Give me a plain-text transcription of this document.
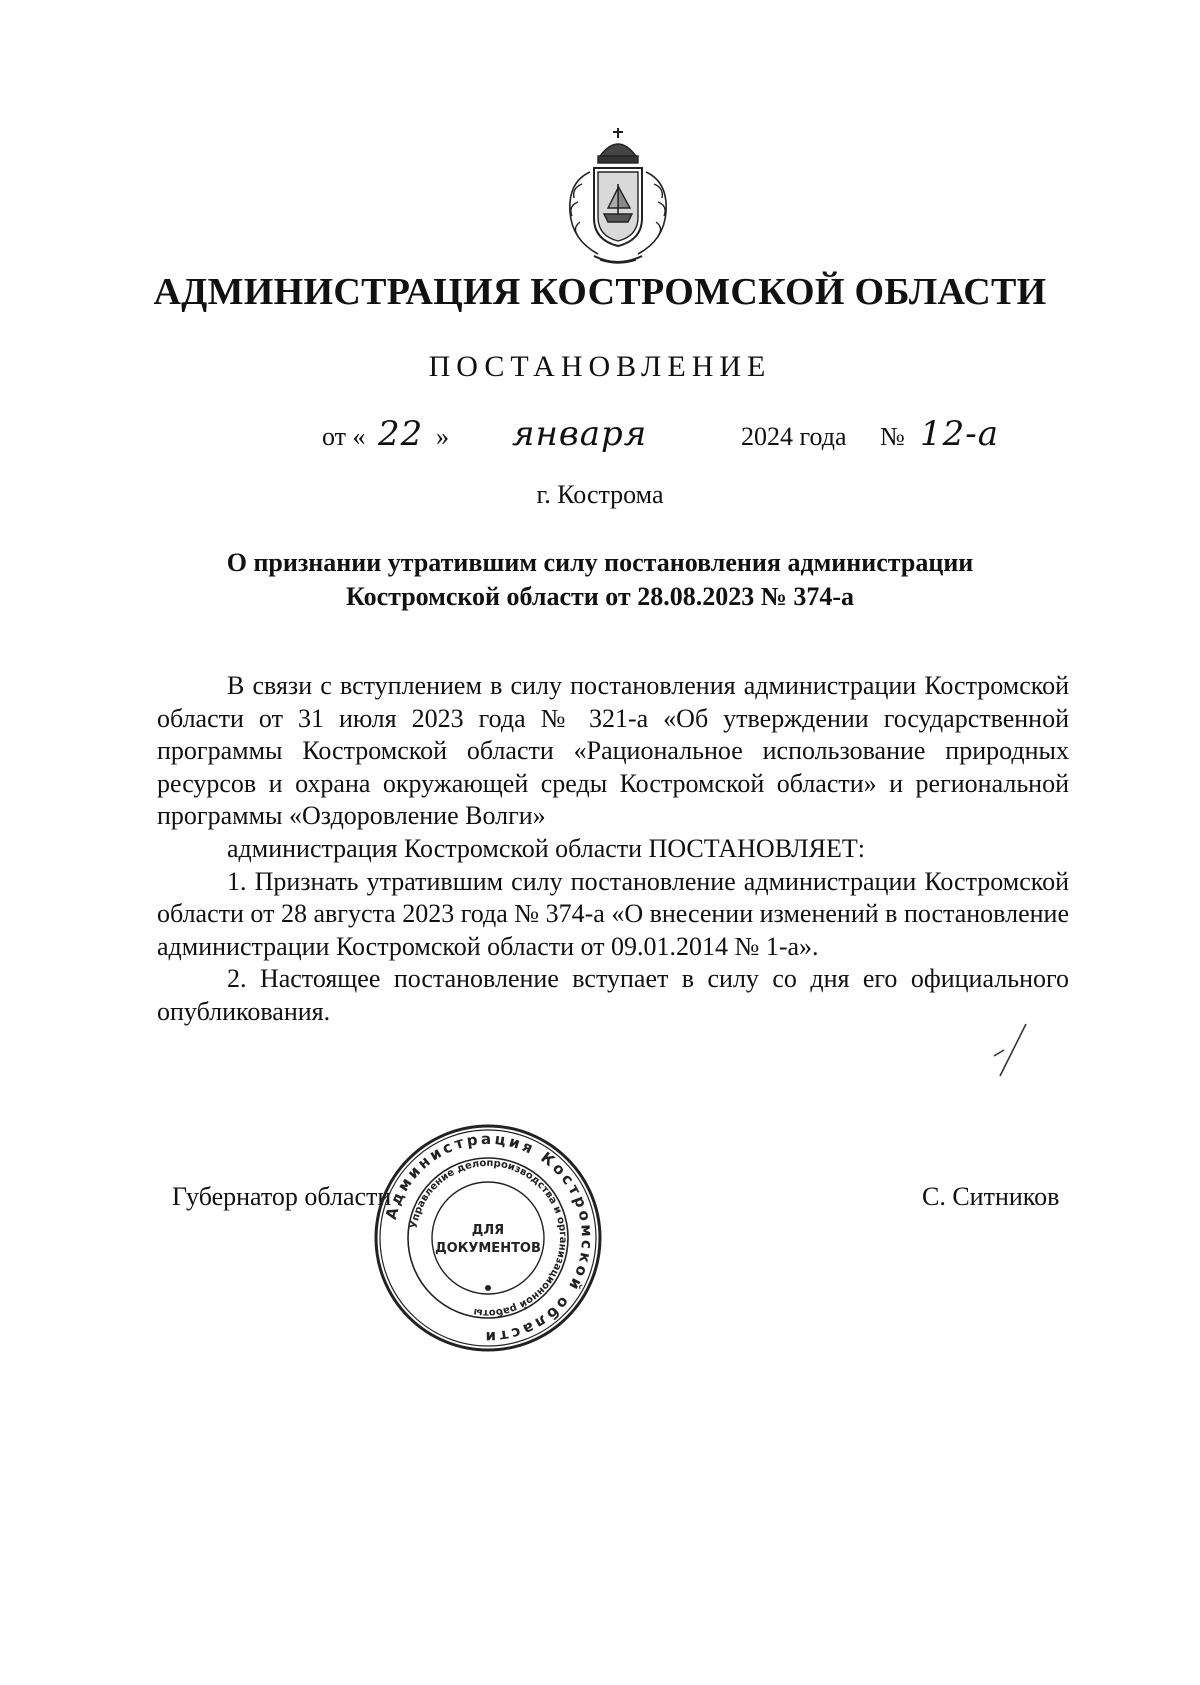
АДМИНИСТРАЦИЯ КОСТРОМСКОЙ ОБЛАСТИ
ПОСТАНОВЛЕНИЕ
от « 22 » января	2024 года № 12-а
г. Кострома
О признании утратившим силу постановления администрации
Костромской области от 28.08.2023 № 374-а

В связи с вступлением в силу постановления администрации Костромской области от 31 июля 2023 года № 321-а «Об утверждении государственной программы Костромской области «Рациональное использование природных ресурсов и охрана окружающей среды Костромской области» и региональной программы «Оздоровление Волги»

администрация Костромской области ПОСТАНОВЛЯЕТ:

1. Признать утратившим силу постановление администрации Костромской области от 28 августа 2023 года № 374-а «О внесении изменений в постановление администрации Костромской области от 09.01.2014 № 1-а».

2. Настоящее постановление вступает в силу со дня его официального опубликования.

Губернатор области	С. Ситников
Администрация Костромской области
Управление делопроизводства и организационной работы
ДЛЯ
ДОКУМЕНТОВ
